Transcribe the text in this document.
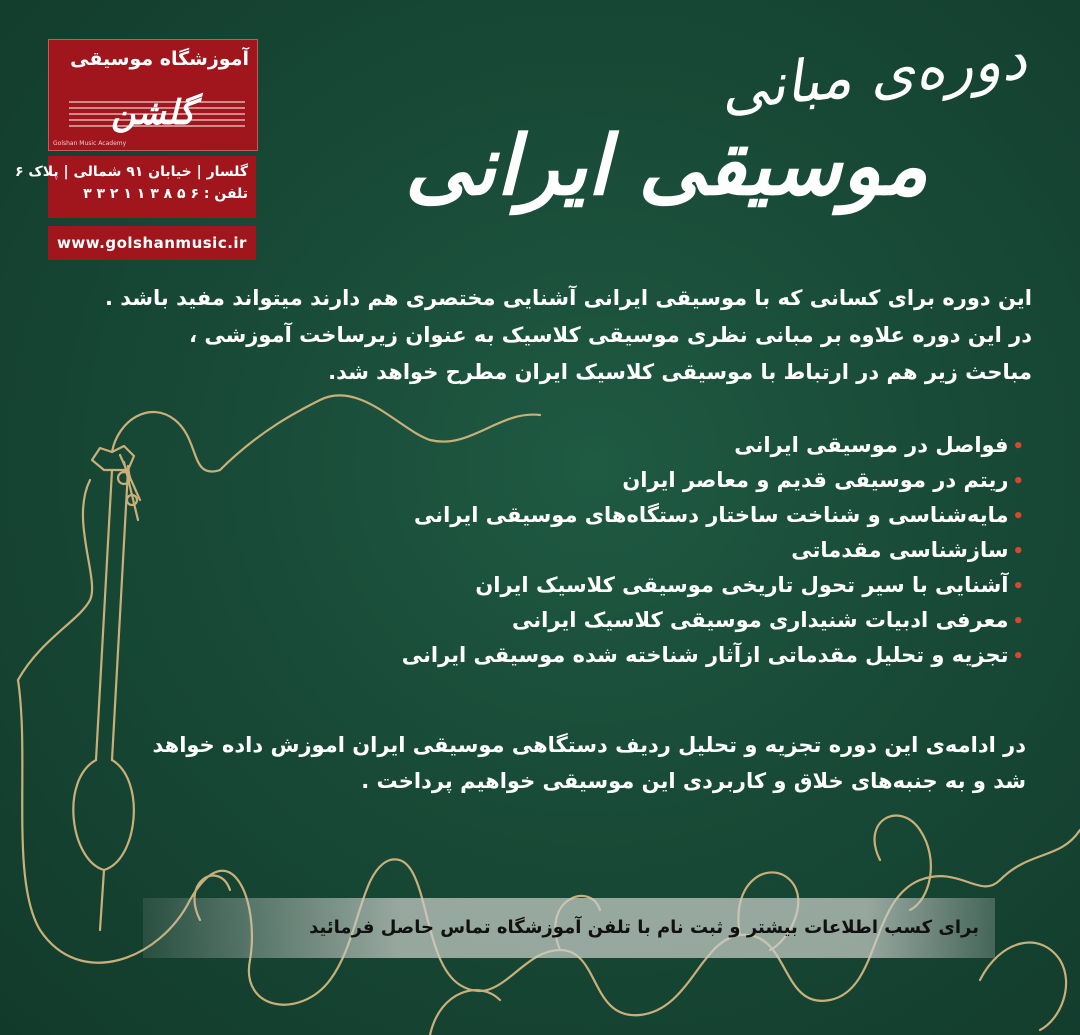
آموزشگاه موسیقی
گلشن
Golshan Music Academy
گلسار | خیابان ۹۱ شمالی | پلاک ۶
تلفن : ۶ ۵ ۸ ۳ ۱ ۱ ۲ ۳ ۳
www.golshanmusic.ir
دوره‌ی مبانی
موسیقی ایرانی

این دوره برای کسانی که با موسیقی ایرانی آشنایی مختصری هم دارند میتواند مفید باشد .

در این دوره علاوه بر مبانی نظری موسیقی کلاسیک به عنوان زیرساخت آموزشی ،

مباحث زیر هم در ارتباط با موسیقی کلاسیک ایران مطرح خواهد شد.

•فواصل در موسیقی ایرانی
•ریتم در موسیقی قدیم و معاصر ایران
•مایه‌شناسی و شناخت ساختار دستگاه‌های موسیقی ایرانی
•سازشناسی مقدماتی
•آشنایی با سیر تحول تاریخی موسیقی کلاسیک ایران
•معرفی ادبیات شنیداری موسیقی کلاسیک ایرانی
•تجزیه و تحلیل مقدماتی ازآثار شناخته شده موسیقی ایرانی

در ادامه‌ی این دوره تجزیه و تحلیل ردیف دستگاهی موسیقی ایران اموزش داده خواهد

شد و به جنبه‌های خلاق و کاربردی این موسیقی خواهیم پرداخت .

برای کسب اطلاعات بیشتر و ثبت نام با تلفن آموزشگاه تماس حاصل فرمائید
